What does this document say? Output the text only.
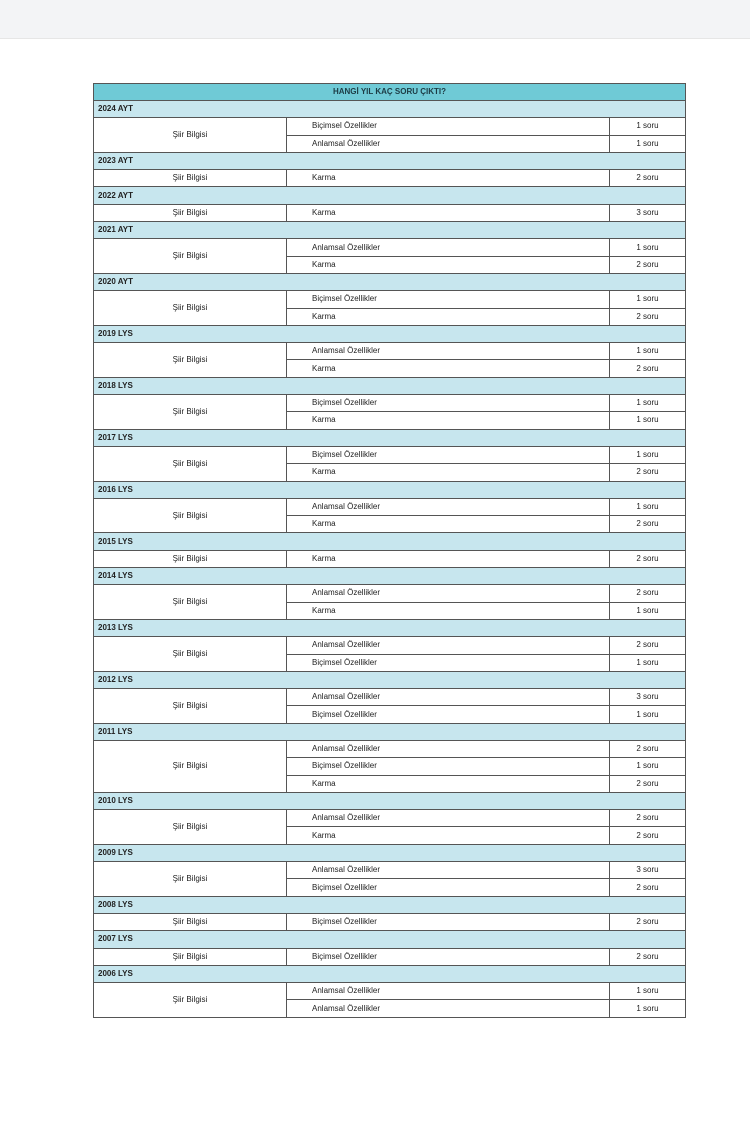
HANGİ YIL KAÇ SORU ÇIKTI?		
2024 AYT		
Şiir Bilgisi	Biçimsel Özellikler	1 soru
	Anlamsal Özellikler	1 soru
2023 AYT		
Şiir Bilgisi	Karma	2 soru
2022 AYT		
Şiir Bilgisi	Karma	3 soru
2021 AYT		
Şiir Bilgisi	Anlamsal Özellikler	1 soru
	Karma	2 soru
2020 AYT		
Şiir Bilgisi	Biçimsel Özellikler	1 soru
	Karma	2 soru
2019 LYS		
Şiir Bilgisi	Anlamsal Özellikler	1 soru
	Karma	2 soru
2018 LYS		
Şiir Bilgisi	Biçimsel Özellikler	1 soru
	Karma	1 soru
2017 LYS		
Şiir Bilgisi	Biçimsel Özellikler	1 soru
	Karma	2 soru
2016 LYS		
Şiir Bilgisi	Anlamsal Özellikler	1 soru
	Karma	2 soru
2015 LYS		
Şiir Bilgisi	Karma	2 soru
2014 LYS		
Şiir Bilgisi	Anlamsal Özellikler	2 soru
	Karma	1 soru
2013 LYS		
Şiir Bilgisi	Anlamsal Özellikler	2 soru
	Biçimsel Özellikler	1 soru
2012 LYS		
Şiir Bilgisi	Anlamsal Özellikler	3 soru
	Biçimsel Özellikler	1 soru
2011 LYS		
Şiir Bilgisi	Anlamsal Özellikler	2 soru
	Biçimsel Özellikler	1 soru
	Karma	2 soru
2010 LYS		
Şiir Bilgisi	Anlamsal Özellikler	2 soru
	Karma	2 soru
2009 LYS		
Şiir Bilgisi	Anlamsal Özellikler	3 soru
	Biçimsel Özellikler	2 soru
2008 LYS		
Şiir Bilgisi	Biçimsel Özellikler	2 soru
2007 LYS		
Şiir Bilgisi	Biçimsel Özellikler	2 soru
2006 LYS		
Şiir Bilgisi	Anlamsal Özellikler	1 soru
	Anlamsal Özellikler	1 soru
